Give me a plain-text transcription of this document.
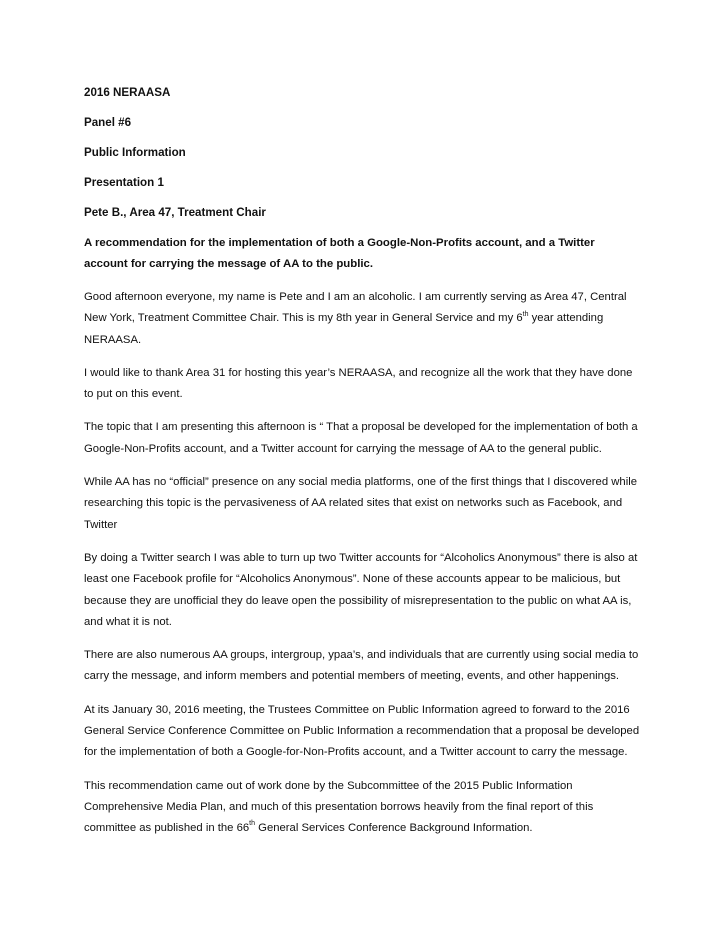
2016 NERAASA

Panel #6

Public Information

Presentation 1

Pete B., Area 47, Treatment Chair

A recommendation for the implementation of both a Google-Non-Profits account, and a Twitter account for carrying the message of AA to the public.

Good afternoon everyone, my name is Pete and I am an alcoholic. I am currently serving as Area 47, Central New York, Treatment Committee Chair. This is my 8th year in General Service and my 6th year attending NERAASA.

I would like to thank Area 31 for hosting this year’s NERAASA, and recognize all the work that they have done to put on this event.

The topic that I am presenting this afternoon is “ That a proposal be developed for the implementation of both a Google-Non-Profits account, and a Twitter account for carrying the message of AA to the general public.

While AA has no “official” presence on any social media platforms, one of the first things that I discovered while researching this topic is the pervasiveness of AA related sites that exist on networks such as Facebook, and Twitter

By doing a Twitter search I was able to turn up two Twitter accounts for “Alcoholics Anonymous” there is also at least one Facebook profile for “Alcoholics Anonymous”. None of these accounts appear to be malicious, but because they are unofficial they do leave open the possibility of misrepresentation to the public on what AA is, and what it is not.

There are also numerous AA groups, intergroup, ypaa’s, and individuals that are currently using social media to carry the message, and inform members and potential members of meeting, events, and other happenings.

At its January 30, 2016 meeting, the Trustees Committee on Public Information agreed to forward to the 2016 General Service Conference Committee on Public Information a recommendation that a proposal be developed for the implementation of both a Google-for-Non-Profits account, and a Twitter account to carry the message.

This recommendation came out of work done by the Subcommittee of the 2015 Public Information Comprehensive Media Plan, and much of this presentation borrows heavily from the final report of this committee as published in the 66th General Services Conference Background Information.
